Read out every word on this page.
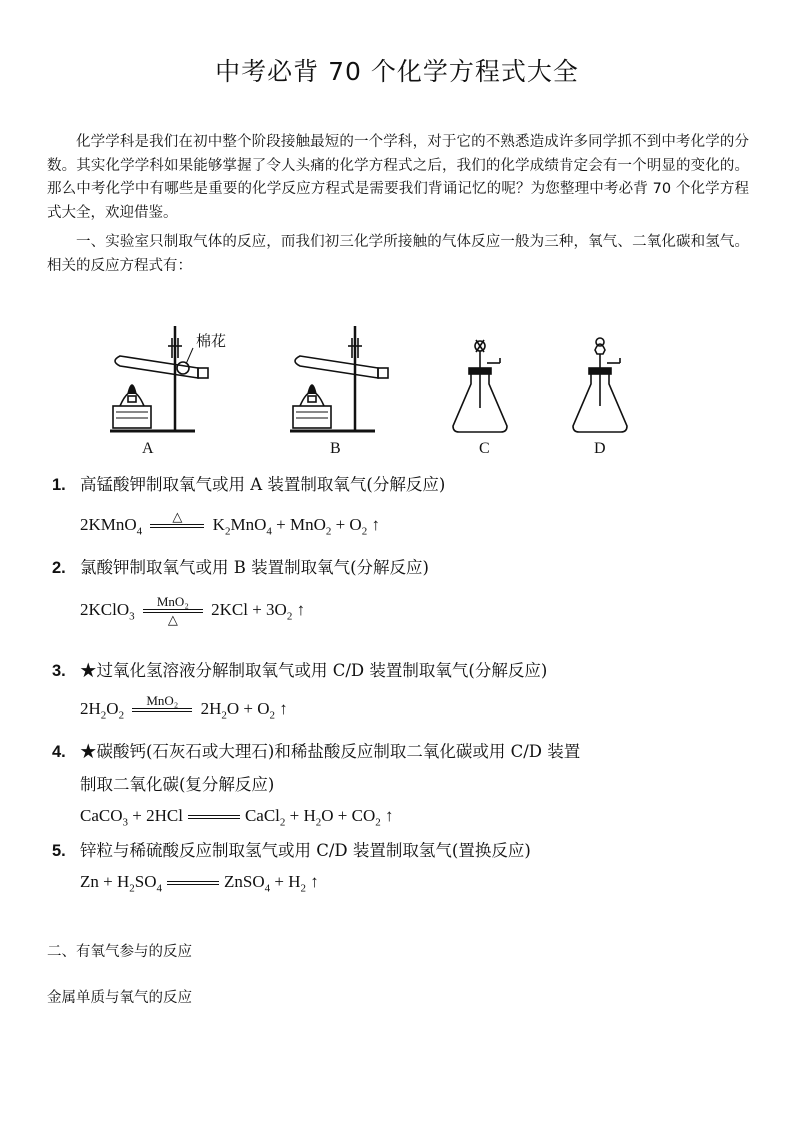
中考必背 70 个化学方程式大全
化学学科是我们在初中整个阶段接触最短的一个学科，对于它的不熟悉造成许多同学抓不到中考化学的分数。其实化学学科如果能够掌握了令人头痛的化学方程式之后，我们的化学成绩肯定会有一个明显的变化的。那么中考化学中有哪些是重要的化学反应方程式是需要我们背诵记忆的呢？为您整理中考必背 70 个化学方程式大全，欢迎借鉴。
一、实验室只制取气体的反应，而我们初三化学所接触的气体反应一般为三种，氧气、二氧化碳和氢气。相关的反应方程式有：
棉花
A	B	C	D
1. 高锰酸钾制取氧气或用 A 装置制取氧气(分解反应)
2KMnO$_4$
△	$K_2MnO_4 + MnO_2 + O_2$ ↑
2. 氯酸钾制取氧气或用 B 装置制取氧气(分解反应)
2KClO$_3$
MnO₂
△
$2KCl + 3O_2$ ↑
3. ★过氧化氢溶液分解制取氧气或用 C/D 装置制取氧气(分解反应)
$2H_2O_2$
MnO₂	$2H_2O + O_2$ ↑
4. ★碳酸钙(石灰石或大理石)和稀盐酸反应制取二氧化碳或用 C/D 装置
制取二氧化碳(复分解反应)
CaCO$_3$ + 2HCl	CaCl$_2$ + $H_2O + CO_2$ ↑
5. 锌粒与稀硫酸反应制取氢气或用 C/D 装置制取氢气(置换反应)
$Zn + H_2SO_4$	ZnSO$_4$ + $H_2$ ↑
二、有氧气参与的反应
金属单质与氧气的反应
